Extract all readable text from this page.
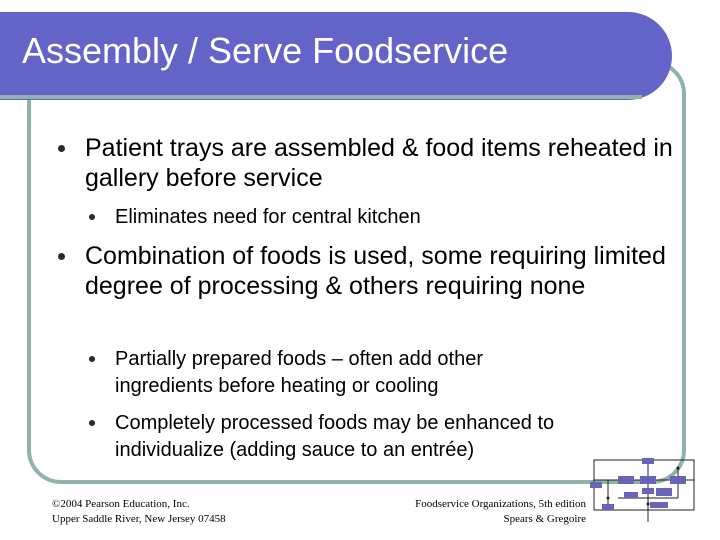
Assembly / Serve Foodservice
Patient trays are assembled & food items reheated in gallery before service
Eliminates need for central kitchen
Combination of foods is used, some requiring limited degree of processing & others requiring none
Partially prepared foods – often add other ingredients before heating or cooling
Completely processed foods may be enhanced to individualize (adding sauce to an entrée)
©2004 Pearson Education, Inc.
Upper Saddle River, New Jersey 07458
Foodservice Organizations, 5th edition
Spears & Gregoire
